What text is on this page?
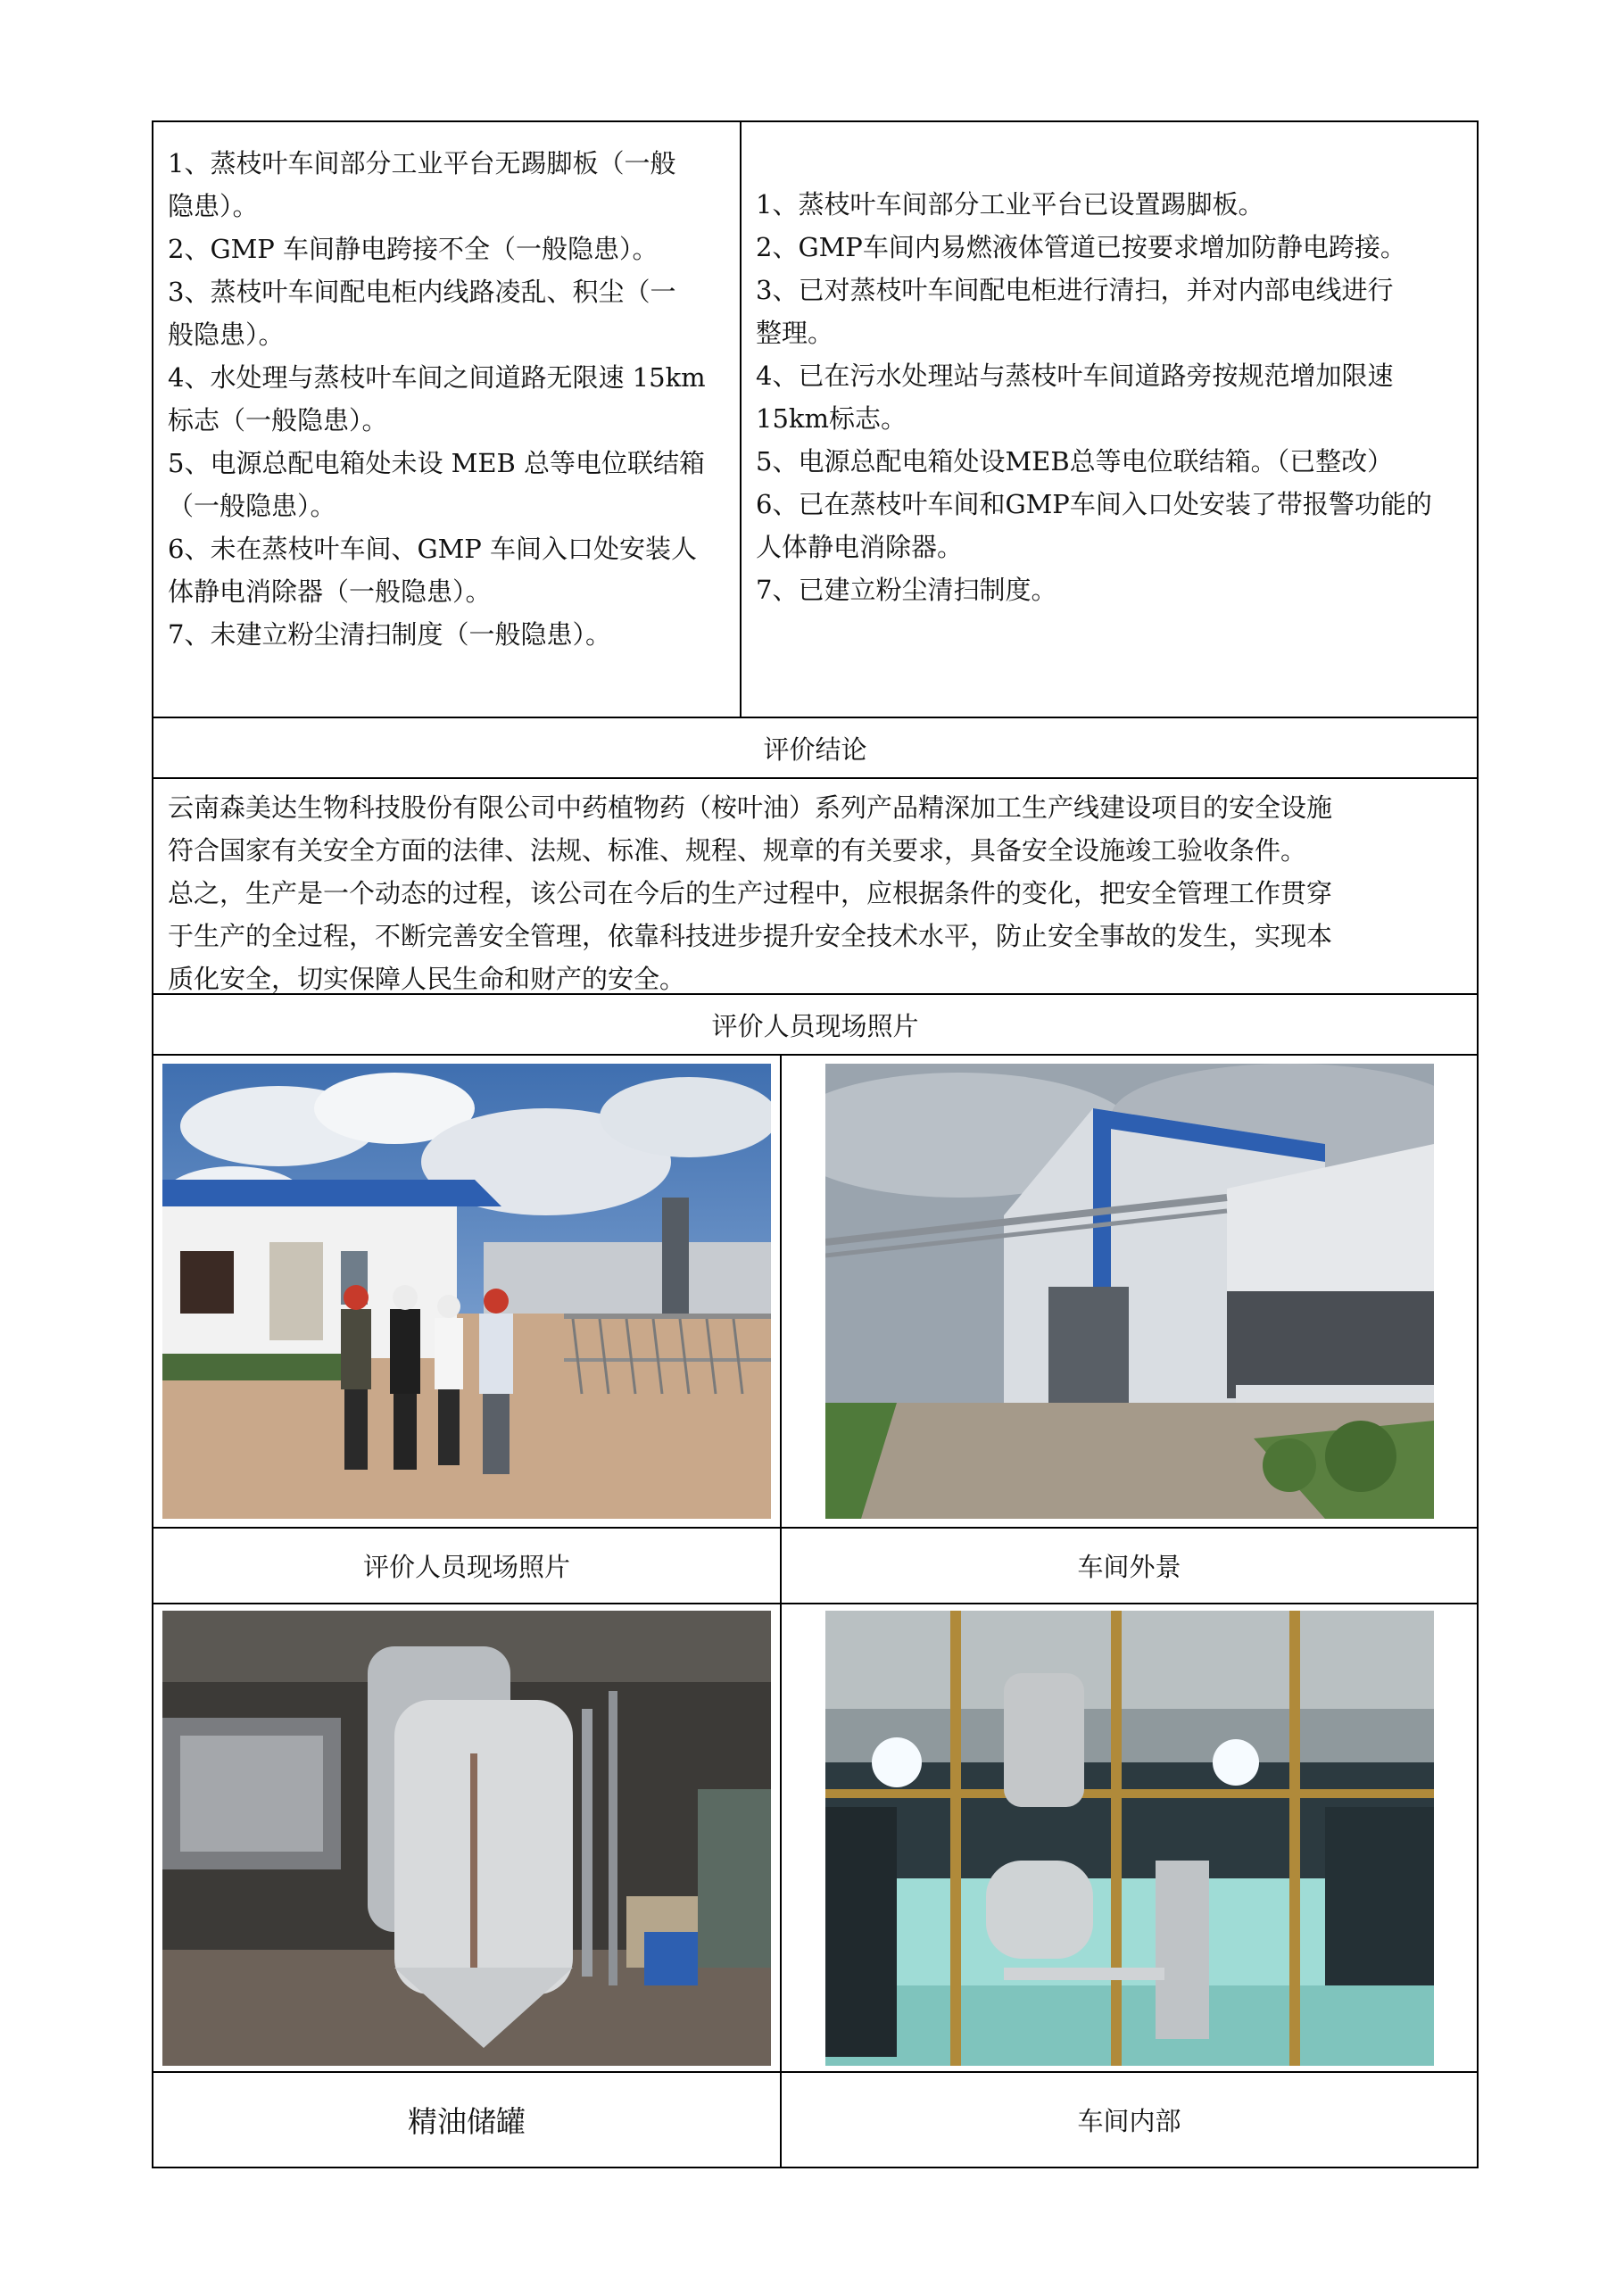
1、蒸枝叶车间部分工业平台无踢脚板（一般
隐患）。
2、GMP 车间静电跨接不全（一般隐患）。
3、蒸枝叶车间配电柜内线路凌乱、积尘（一
般隐患）。
4、水处理与蒸枝叶车间之间道路无限速 15km
标志（一般隐患）。
5、电源总配电箱处未设 MEB 总等电位联结箱
（一般隐患）。
6、未在蒸枝叶车间、GMP 车间入口处安装人
体静电消除器（一般隐患）。
7、未建立粉尘清扫制度（一般隐患）。
1、蒸枝叶车间部分工业平台已设置踢脚板。
2、GMP车间内易燃液体管道已按要求增加防静电跨接。
3、已对蒸枝叶车间配电柜进行清扫，并对内部电线进行
整理。
4、已在污水处理站与蒸枝叶车间道路旁按规范增加限速
15km标志。
5、电源总配电箱处设MEB总等电位联结箱。（已整改）
6、已在蒸枝叶车间和GMP车间入口处安装了带报警功能的
人体静电消除器。
7、已建立粉尘清扫制度。
评价结论
云南森美达生物科技股份有限公司中药植物药（桉叶油）系列产品精深加工生产线建设项目的安全设施
符合国家有关安全方面的法律、法规、标准、规程、规章的有关要求，具备安全设施竣工验收条件。
总之，生产是一个动态的过程，该公司在今后的生产过程中，应根据条件的变化，把安全管理工作贯穿
于生产的全过程，不断完善安全管理，依靠科技进步提升安全技术水平，防止安全事故的发生，实现本
质化安全，切实保障人民生命和财产的安全。
评价人员现场照片
评价人员现场照片	车间外景
精油储罐	车间内部
